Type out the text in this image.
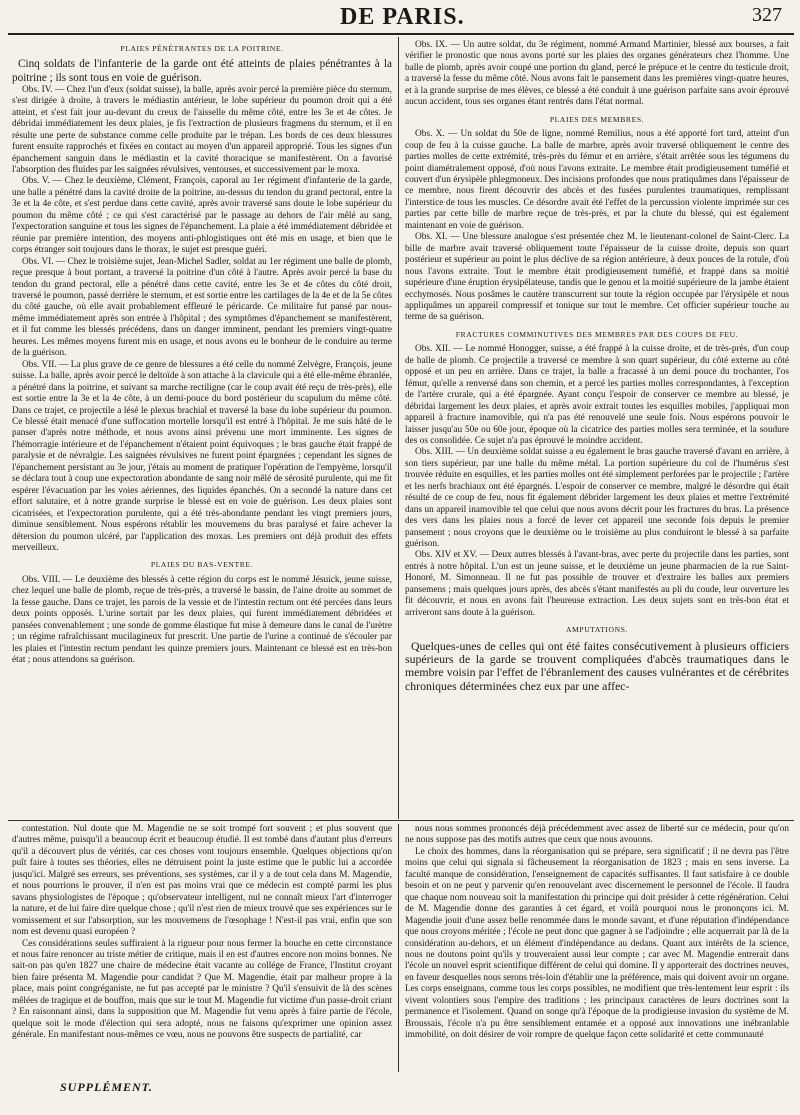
DE PARIS.	327
PLAIES PÉNÉTRANTES DE LA POITRINE.

Cinq soldats de l'infanterie de la garde ont été atteints de plaies pénétrantes à la poitrine ; ils sont tous en voie de guérison.

Obs. IV. — Chez l'un d'eux (soldat suisse), la balle, après avoir percé la première pièce du sternum, s'est dirigée à droite, à travers le médiastin antérieur, le lobe supérieur du poumon droit qui a été atteint, et s'est fait jour au-devant du creux de l'aisselle du même côté, entre les 3e et 4e côtes. Je débridai immédiatement les deux plaies, je fis l'extraction de plusieurs fragmens du sternum, et il en résulte une perte de substance comme celle produite par le trépan. Les bords de ces deux blessures furent ensuite rapprochés et fixées en contact au moyen d'un appareil approprié. Tous les signes d'un épanchement sanguin dans le médiastin et la cavité thoracique se manifestèrent. On a favorisé l'absorption des fluides par les saignées révulsives, ventouses, et successivement par le moxa.

Obs. V. — Chez le deuxième, Clément, François, caporal au 1er régiment d'infanterie de la garde, une balle a pénétré dans la cavité droite de la poitrine, au-dessus du tendon du grand pectoral, entre la 3e et la 4e côte, et s'est perdue dans cette cavité, après avoir traversé sans doute le lobe supérieur du poumon du même côté ; ce qui s'est caractérisé par le passage au dehors de l'air mêlé au sang, l'expectoration sanguine et tous les signes de l'épanchement. La plaie a été immédiatement débridée et réunie par première intention, des moyens anti-phlogistiques ont été mis en usage, et bien que le corps étranger soit toujours dans le thorax, le sujet est presque guéri.

Obs. VI. — Chez le troisième sujet, Jean-Michel Sadler, soldat au 1er régiment une balle de plomb, reçue presque à bout portant, a traversé la poitrine d'un côté à l'autre. Après avoir percé la base du tendon du grand pectoral, elle a pénétré dans cette cavité, entre les 3e et 4e côtes du côté droit, traversé le poumon, passé derrière le sternum, et est sortie entre les cartilages de la 4e et de la 5e côtes du côté gauche, où elle avait probablement effleuré le péricarde. Ce militaire fut pansé par nous-même immédiatement après son entrée à l'hôpital ; des symptômes d'épanchement se manifestèrent, et il fut comme les blessés précédens, dans un danger imminent, pendant les premiers vingt-quatre heures. Les mêmes moyens furent mis en usage, et nous avons eu le bonheur de le conduire au terme de la guérison.

Obs. VII. — La plus grave de ce genre de blessures a été celle du nommé Zelvègre, François, jeune suisse. La balle, après avoir percé le deltoïde à son attache à la clavicule qui a été elle-même ébranlée, a pénétré dans la poitrine, et suivant sa marche rectiligne (car le coup avait été reçu de très-près), elle est sortie entre la 3e et la 4e côte, à un demi-pouce du bord postérieur du scapulum du même côté. Dans ce trajet, ce projectile a lésé le plexus brachial et traversé la base du lobe supérieur du poumon. Ce blessé était menacé d'une suffocation mortelle lorsqu'il est entré à l'hôpital. Je me suis hâté de le panser d'après notre méthode, et nous avons ainsi prévenu une mort imminente. Les signes de l'hémorragie intérieure et de l'épanchement n'étaient point équivoques ; le bras gauche était frappé de paralysie et de névralgie. Les saignées révulsives ne furent point épargnées ; cependant les signes de l'épanchement persistant au 3e jour, j'étais au moment de pratiquer l'opération de l'empyème, lorsqu'il se déclara tout à coup une expectoration abondante de sang noir mêlé de sérosité purulente, qui me fit espérer l'évacuation par les voies aériennes, des liquides épanchés. On a secondé la nature dans cet effort salutaire, et à notre grande surprise le blessé est en voie de guérison. Les deux plaies sont cicatrisées, et l'expectoration purulente, qui a été très-abondante pendant les vingt premiers jours, diminue sensiblement. Nous espérons rétablir les mouvemens du bras paralysé et faire achever la détersion du poumon ulcéré, par l'application des moxas. Les premiers ont déjà produit des effets merveilleux.

PLAIES DU BAS-VENTRE.

Obs. VIII. — Le deuxième des blessés à cette région du corps est le nommé Jésuick, jeune suisse, chez lequel une balle de plomb, reçue de très-près, a traversé le bassin, de l'aine droite au sommet de la fesse gauche. Dans ce trajet, les parois de la vessie et de l'intestin rectum ont été percées dans leurs deux points opposés. L'urine sortait par les deux plaies, qui furent immédiatement débridées et pansées convenablement ; une sonde de gomme élastique fut mise à demeure dans le canal de l'urètre ; un régime rafraîchissant mucilagineux fut prescrit. Une partie de l'urine a continué de s'écouler par les plaies et l'intestin rectum pendant les quinze premiers jours. Maintenant ce blessé est en très-bon état ; nous attendons sa guérison.

Obs. IX. — Un autre soldat, du 3e régiment, nommé Armand Martinier, blessé aux bourses, a fait vérifier le pronostic que nous avons porté sur les plaies des organes générateurs chez l'homme. Une balle de plomb, après avoir coupé une portion du gland, percé le prépuce et le centre du testicule droit, a traversé la fesse du même côté. Nous avons fait le pansement dans les premières vingt-quatre heures, et à la grande surprise de mes élèves, ce blessé a été conduit à une guérison parfaite sans avoir éprouvé aucun accident, tous ses organes étant rentrés dans l'état normal.

PLAIES DES MEMBRES.

Obs. X. — Un soldat du 50e de ligne, nommé Remilius, nous a été apporté fort tard, atteint d'un coup de feu à la cuisse gauche. La balle de marbre, après avoir traversé obliquement le centre des parties molles de cette extrémité, très-près du fémur et en arrière, s'était arrêtée sous les tégumens du point diamétralement opposé, d'où nous l'avons extraite. Le membre était prodigieusement tuméfié et couvert d'un érysipèle phlegmoneux. Des incisions profondes que nous pratiquâmes dans l'épaisseur de ce membre, nous firent découvrir des abcès et des fusées purulentes traumatiques, remplissant l'interstice de tous les muscles. Ce désordre avait été l'effet de la percussion violente imprimée sur ces parties par cette bille de marbre reçue de très-près, et par la chute du blessé, qui est également maintenant en voie de guérison.

Obs. XI. — Une blessure analogue s'est présentée chez M. le lieutenant-colonel de Saint-Clerc. La bille de marbre avait traversé obliquement toute l'épaisseur de la cuisse droite, depuis son quart postérieur et supérieur au point le plus déclive de sa région antérieure, à deux pouces de la rotule, d'où nous l'avons extraite. Tout le membre était prodigieusement tuméfié, et frappé dans sa moitié supérieure d'une éruption érysipélateuse, tandis que le genou et la moitié supérieure de la jambe étaient ecchymosés. Nous posâmes le cautère transcurrent sur toute la région occupée par l'érysipèle et nous appliquâmes un appareil compressif et tonique sur tout le membre. Cet officier supérieur touche au terme de sa guérison.

FRACTURES COMMINUTIVES DES MEMBRES PAR DES COUPS DE FEU.

Obs. XII. — Le nommé Honogger, suisse, a été frappé à la cuisse droite, et de très-près, d'un coup de balle de plomb. Ce projectile a traversé ce membre à son quart supérieur, du côté externe au côté opposé et un peu en arrière. Dans ce trajet, la balle a fracassé à un demi pouce du trochanter, l'os fémur, qu'elle a renversé dans son chemin, et a percé les parties molles correspondantes, à l'exception de l'artère crurale, qui a été épargnée. Ayant conçu l'espoir de conserver ce membre au blessé, je débridai largement les deux plaies, et après avoir extrait toutes les esquilles mobiles, j'appliquai mon appareil à fracture inamovible, qui n'a pas été renouvelé une seule fois. Nous espérons pouvoir le laisser jusqu'au 50e ou 60e jour, époque où la cicatrice des parties molles sera terminée, et la soudure des os consolidée. Ce sujet n'a pas éprouvé le moindre accident.

Obs. XIII. — Un deuxième soldat suisse a eu également le bras gauche traversé d'avant en arrière, à son tiers supérieur, par une balle du même métal. La portion supérieure du col de l'humérus s'est trouvée réduite en esquilles, et les parties molles ont été simplement perforées par le projectile ; l'artère et les nerfs brachiaux ont été épargnés. L'espoir de conserver ce membre, malgré le désordre qui était résulté de ce coup de feu, nous fit également débrider largement les deux plaies et mettre l'extrémité dans un appareil inamovible tel que celui que nous avons décrit pour les fractures du bras. La présence des vers dans les plaies nous a forcé de lever cet appareil une seconde fois depuis le premier pansement ; nous croyons que le deuxième ou le troisième au plus conduiront le blessé à sa parfaite guérison.

Obs. XIV et XV. — Deux autres blessés à l'avant-bras, avec perte du projectile dans les parties, sont entrés à notre hôpital. L'un est un jeune suisse, et le deuxième un jeune pharmacien de la rue Saint-Honoré, M. Simonneau. Il ne fut pas possible de trouver et d'extraire les balles aux premiers pansemens ; mais quelques jours après, des abcès s'étant manifestés au pli du coude, leur ouverture les fit découvrir, et nous en avons fait l'heureuse extraction. Les deux sujets sont en très-bon état et arriveront sans doute à la guérison.

AMPUTATIONS.

Quelques-unes de celles qui ont été faites consécutivement à plusieurs officiers supérieurs de la garde se trouvent compliquées d'abcès traumatiques dans le membre voisin par l'effet de l'ébranlement des causes vulnérantes et de cérébrites chroniques déterminées chez eux par une affec-

contestation. Nul doute que M. Magendie ne se soit trompé fort souvent ; et plus souvent que d'autres même, puisqu'il a beaucoup écrit et beaucoup étudié. Il est tombé dans d'autant plus d'erreurs qu'il a découvert plus de vérités, car ces choses vont toujours ensemble. Quelques objections qu'on puît faire à toutes ses théories, elles ne détruisent point la juste estime que le public lui a accordée jusqu'ici. Malgré ses erreurs, ses préventions, ses systèmes, car il y a de tout cela dans M. Magendie, et nous pourrions le prouver, il n'en est pas moins vrai que ce médecin est compté parmi les plus savans physiologistes de l'époque ; qu'observateur intelligent, nul ne connaît mieux l'art d'interroger la nature, et de lui faire dire quelque chose ; qu'il n'est rien de mieux trouvé que ses expériences sur le vomissement et sur l'absorption, sur les mouvemens de l'œsophage ! N'est-il pas vrai, enfin que son nom est devenu quasi européen ?

Ces considérations seules suffiraient à la rigueur pour nous fermer la bouche en cette circonstance et nous faire renoncer au triste métier de critique, mais il en est d'autres encore non moins bonnes. Ne sait-on pas qu'en 1827 une chaire de médecine était vacante au collége de France, l'Institut croyant bien faire présenta M. Magendie pour candidat ? Que M. Magendie, était par malheur propre à la place, mais point congréganiste, ne fut pas accepté par le ministre ? Qu'il s'ensuivit de là des scènes mêlées de tragique et de bouffon, mais que sur le tout M. Magendie fut victime d'un passe-droit criant ? En raisonnant ainsi, dans la supposition que M. Magendie fut venu après à faire partie de l'école, quelque soit le mode d'élection qui sera adopté, nous ne faisons qu'exprimer une opinion assez générale. En manifestant nous-mêmes ce vœu, nous ne pouvons être suspects de partialité, car

nous nous sommes prononcés déjà précédemment avec assez de liberté sur ce médecin, pour qu'on ne nous suppose pas des motifs autres que ceux que nous avouons.

Le choix des hommes, dans la réorganisation qui se prépare, sera significatif ; il ne devra pas l'être moins que celui qui signala si fâcheusement la réorganisation de 1823 ; mais en sens inverse. La faculté manque de considération, l'enseignement de capacités suffisantes. Il faut satisfaire à ce double besoin et on ne peut y parvenir qu'en renouvelant avec discernement le personnel de l'école. Il faudra que chaque nom nouveau soit la manifestation du principe qui doit présider à cette régénération. Celui de M. Magendie donne des garanties à cet égard, et voilà pourquoi nous le prononçons ici. M. Magendie jouit d'une assez belle renommée dans le monde savant, et d'une réputation d'indépendance que nous croyons méritée ; l'école ne peut donc que gagner à se l'adjoindre ; elle acquerrait par là de la considération au-dehors, et un élément d'indépendance au dedans. Quant aux intérêts de la science, nous ne doutons point qu'ils y trouveraient aussi leur compte ; car avec M. Magendie entrerait dans l'école un nouvel esprit scientifique différent de celui qui domine. Il y apporterait des doctrines neuves, en faveur desquelles nous serons très-loin d'établir une la préférence, mais qui doivent avoir un organe. Les corps enseignans, comme tous les corps possibles, ne modifient que très-lentement leur esprit : ils vivent volontiers sous l'empire des traditions ; les principaux caractères de leurs doctrines sont la permanence et l'isolement. Quand on songe qu'à l'époque de la prodigieuse invasion du système de M. Broussais, l'école n'a pu être sensiblement entamée et a opposé aux innovations une inébranlable immobilité, on doit désirer de voir rompre de quelque façon cette solidarité et cette communauté

SUPPLÉMENT.
